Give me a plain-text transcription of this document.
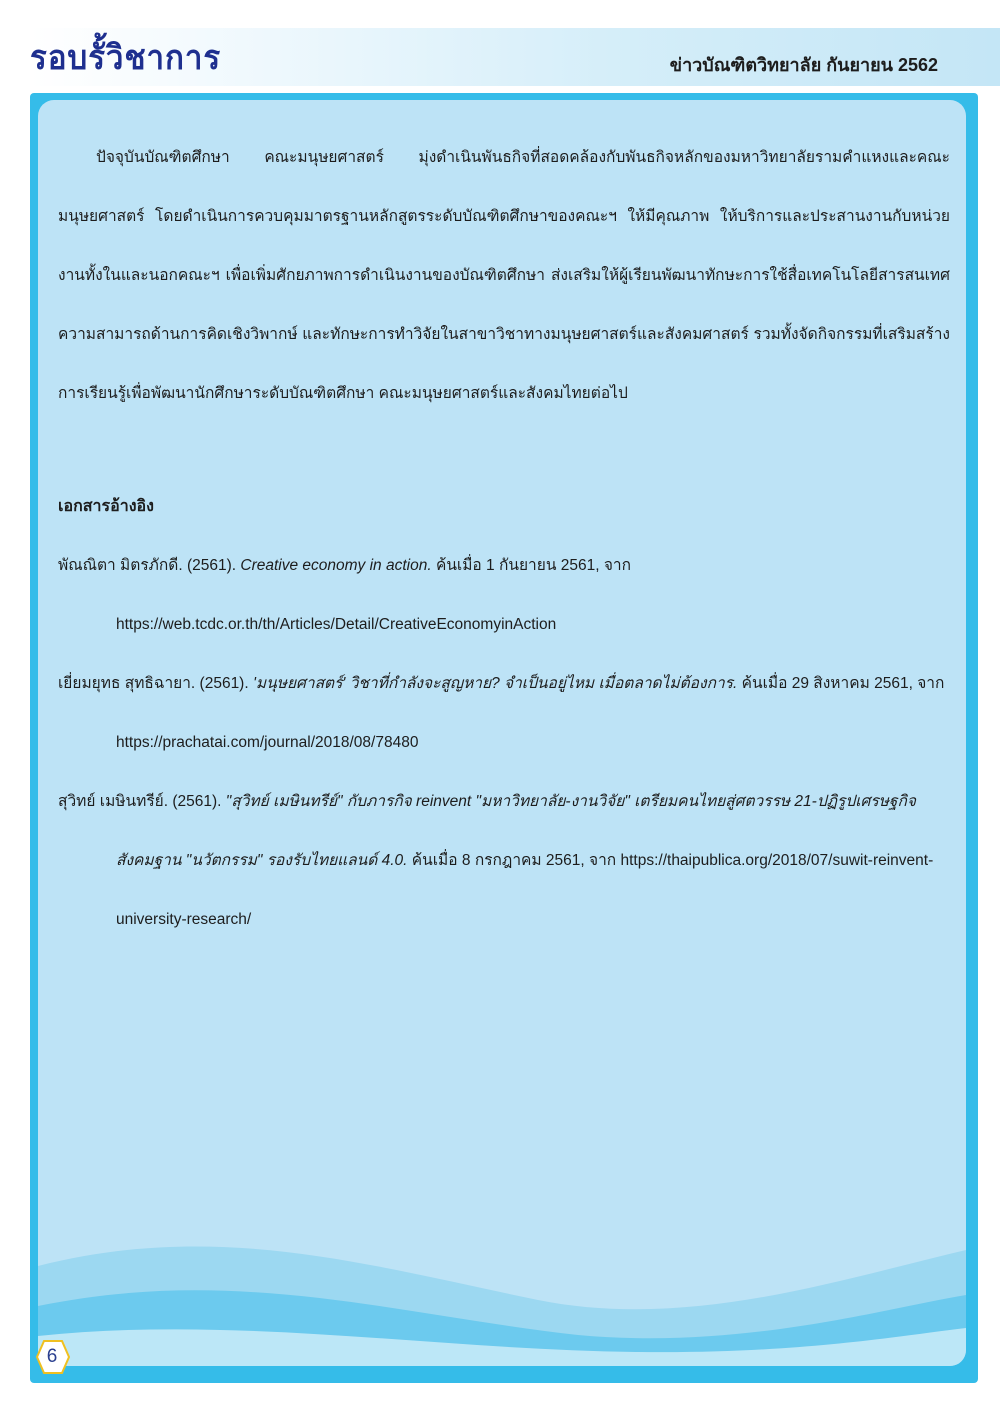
รอบรั้วิชาการ	ข่าวบัณฑิตวิทยาลัย กันยายน 2562

ปัจจุบันบัณฑิตศึกษา คณะมนุษยศาสตร์ มุ่งดำเนินพันธกิจที่สอดคล้องกับพันธกิจหลักของมหาวิทยาลัยรามคำแหงและคณะมนุษยศาสตร์ โดยดำเนินการควบคุมมาตรฐานหลักสูตรระดับบัณฑิตศึกษาของคณะฯ ให้มีคุณภาพ ให้บริการและประสานงานกับหน่วยงานทั้งในและนอกคณะฯ เพื่อเพิ่มศักยภาพการดำเนินงานของบัณฑิตศึกษา ส่งเสริมให้ผู้เรียนพัฒนาทักษะการใช้สื่อเทคโนโลยีสารสนเทศ ความสามารถด้านการคิดเชิงวิพากษ์ และทักษะการทำวิจัยในสาขาวิชาทางมนุษยศาสตร์และสังคมศาสตร์ รวมทั้งจัดกิจกรรมที่เสริมสร้างการเรียนรู้เพื่อพัฒนานักศึกษาระดับบัณฑิตศึกษา คณะมนุษยศาสตร์และสังคมไทยต่อไป

เอกสารอ้างอิง

พัณณิตา มิตรภักดี. (2561). Creative economy in action. ค้นเมื่อ 1 กันยายน 2561, จาก https://web.tcdc.or.th/th/Articles/Detail/CreativeEconomyinAction

เยี่ยมยุทธ สุทธิฉายา. (2561). 'มนุษยศาสตร์' วิชาที่กำลังจะสูญหาย? จำเป็นอยู่ไหม เมื่อตลาดไม่ต้องการ. ค้นเมื่อ 29 สิงหาคม 2561, จาก https://prachatai.com/journal/2018/08/78480

สุวิทย์ เมษินทรีย์. (2561). "สุวิทย์ เมษินทรีย์" กับภารกิจ reinvent "มหาวิทยาลัย-งานวิจัย" เตรียมคนไทยสู่ศตวรรษ 21-ปฏิรูปเศรษฐกิจสังคมฐาน "นวัตกรรม" รองรับไทยแลนด์ 4.0. ค้นเมื่อ 8 กรกฎาคม 2561, จาก https://thaipublica.org/2018/07/suwit-reinvent-university-research/

6
